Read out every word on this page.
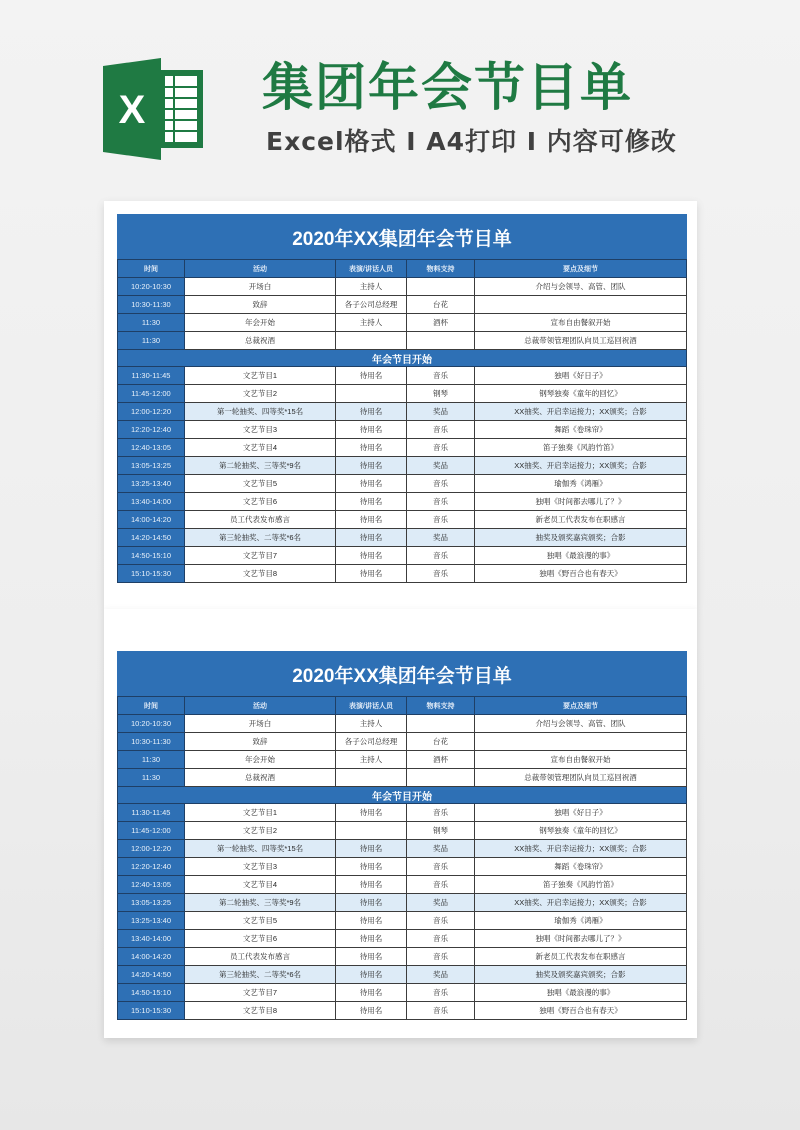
X 集团年会节目单
Excel格式 I A4打印 I 内容可修改
2020年XX集团年会节目单				
时间	活动	表演/讲话人员	物料支持	要点及细节
10:20-10:30	开场白	主持人		介绍与会领导、高管、团队
10:30-11:30	致辞	各子公司总经理	台花	
11:30	年会开始	主持人	酒杯	宣布自由餐叙开始
11:30	总裁祝酒			总裁带领管理团队向员工巡回祝酒
年会节目开始				
11:30-11:45	文艺节目1	待用名	音乐	独唱《好日子》
11:45-12:00	文艺节目2		钢琴	钢琴独奏《童年的回忆》
12:00-12:20	第一轮抽奖、四等奖*15名	待用名	奖品	XX抽奖、开启幸运接力；XX颁奖；合影
12:20-12:40	文艺节目3	待用名	音乐	舞蹈《卷珠帘》
12:40-13:05	文艺节目4	待用名	音乐	笛子独奏《风韵竹笛》
13:05-13:25	第二轮抽奖、三等奖*9名	待用名	奖品	XX抽奖、开启幸运接力；XX颁奖；合影
13:25-13:40	文艺节目5	待用名	音乐	瑜伽秀《鸿雁》
13:40-14:00	文艺节目6	待用名	音乐	独唱《时间都去哪儿了？》
14:00-14:20	员工代表发布感言	待用名	音乐	新老员工代表发布在职感言
14:20-14:50	第三轮抽奖、二等奖*6名	待用名	奖品	抽奖及颁奖嘉宾颁奖；合影
14:50-15:10	文艺节目7	待用名	音乐	独唱《最浪漫的事》
15:10-15:30	文艺节目8	待用名	音乐	独唱《野百合也有春天》
2020年XX集团年会节目单				
时间	活动	表演/讲话人员	物料支持	要点及细节
10:20-10:30	开场白	主持人		介绍与会领导、高管、团队
10:30-11:30	致辞	各子公司总经理	台花	
11:30	年会开始	主持人	酒杯	宣布自由餐叙开始
11:30	总裁祝酒			总裁带领管理团队向员工巡回祝酒
年会节目开始				
11:30-11:45	文艺节目1	待用名	音乐	独唱《好日子》
11:45-12:00	文艺节目2		钢琴	钢琴独奏《童年的回忆》
12:00-12:20	第一轮抽奖、四等奖*15名	待用名	奖品	XX抽奖、开启幸运接力；XX颁奖；合影
12:20-12:40	文艺节目3	待用名	音乐	舞蹈《卷珠帘》
12:40-13:05	文艺节目4	待用名	音乐	笛子独奏《风韵竹笛》
13:05-13:25	第二轮抽奖、三等奖*9名	待用名	奖品	XX抽奖、开启幸运接力；XX颁奖；合影
13:25-13:40	文艺节目5	待用名	音乐	瑜伽秀《鸿雁》
13:40-14:00	文艺节目6	待用名	音乐	独唱《时间都去哪儿了？》
14:00-14:20	员工代表发布感言	待用名	音乐	新老员工代表发布在职感言
14:20-14:50	第三轮抽奖、二等奖*6名	待用名	奖品	抽奖及颁奖嘉宾颁奖；合影
14:50-15:10	文艺节目7	待用名	音乐	独唱《最浪漫的事》
15:10-15:30	文艺节目8	待用名	音乐	独唱《野百合也有春天》
